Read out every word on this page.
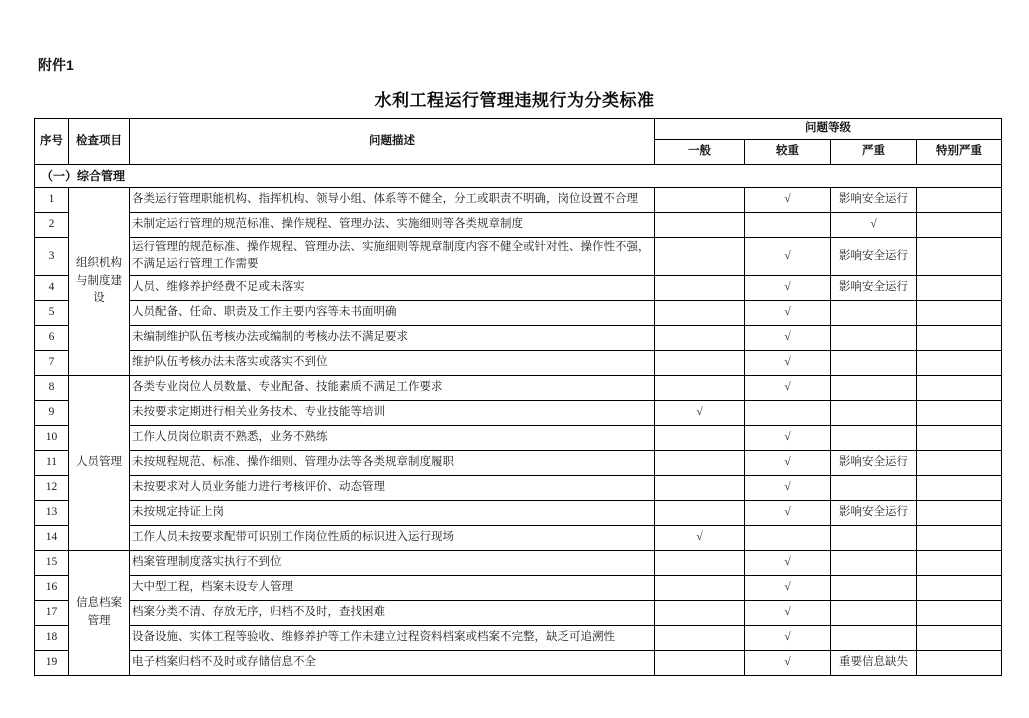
附件1
水利工程运行管理违规行为分类标准
序号	检查项目	问题描述	问题等级			
			一般	较重	严重	特别严重
（一）综合管理						
1	组织机构与制度建设	各类运行管理职能机构、指挥机构、领导小组、体系等不健全，分工或职责不明确，岗位设置不合理		√	影响安全运行	
2		未制定运行管理的规范标准、操作规程、管理办法、实施细则等各类规章制度			√	
3		运行管理的规范标准、操作规程、管理办法、实施细则等规章制度内容不健全或针对性、操作性不强，不满足运行管理工作需要		√	影响安全运行	
4		人员、维修养护经费不足或未落实		√	影响安全运行	
5		人员配备、任命、职责及工作主要内容等未书面明确		√		
6		未编制维护队伍考核办法或编制的考核办法不满足要求		√		
7		维护队伍考核办法未落实或落实不到位		√		
8	人员管理	各类专业岗位人员数量、专业配备、技能素质不满足工作要求		√		
9		未按要求定期进行相关业务技术、专业技能等培训	√			
10		工作人员岗位职责不熟悉，业务不熟练		√		
11		未按规程规范、标准、操作细则、管理办法等各类规章制度履职		√	影响安全运行	
12		未按要求对人员业务能力进行考核评价、动态管理		√		
13		未按规定持证上岗		√	影响安全运行	
14		工作人员未按要求配带可识别工作岗位性质的标识进入运行现场	√			
15	信息档案管理	档案管理制度落实执行不到位		√		
16		大中型工程，档案未设专人管理		√		
17		档案分类不清、存放无序，归档不及时，查找困难		√		
18		设备设施、实体工程等验收、维修养护等工作未建立过程资料档案或档案不完整，缺乏可追溯性		√		
19		电子档案归档不及时或存储信息不全		√	重要信息缺失	
